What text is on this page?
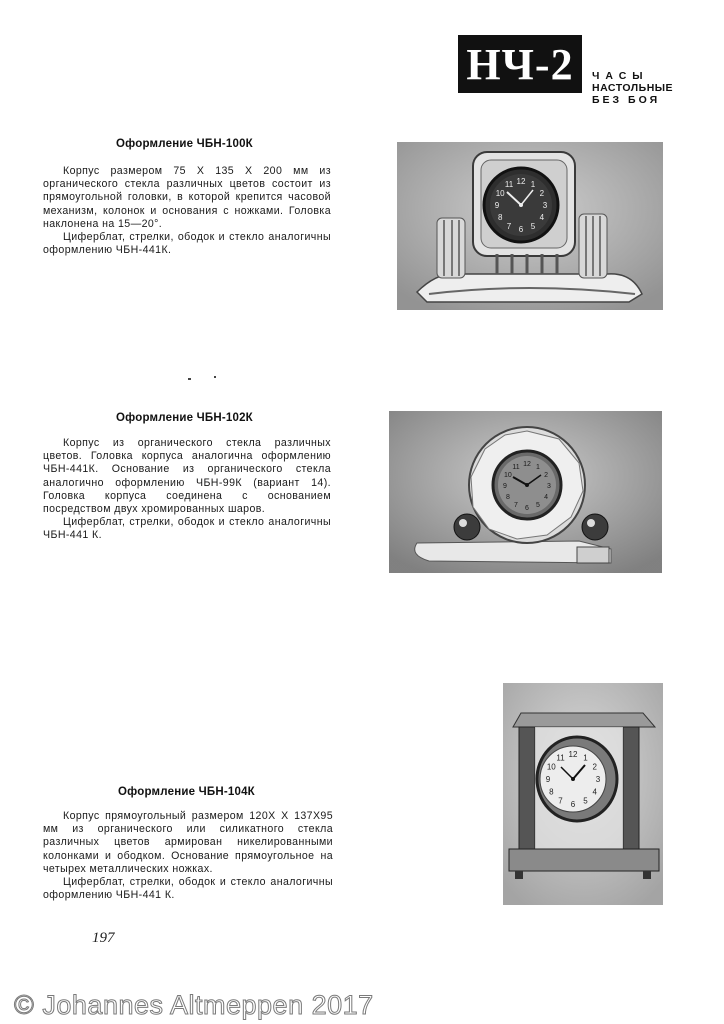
НЧ-2 ЧАСЫ
НАСТОЛЬНЫЕ
БЕЗ БОЯ
Оформление ЧБН-100К

Корпус размером 75 Х 135 Х 200 мм из органического стекла различных цветов состоит из прямоугольной головки, в которой крепится часовой механизм, колонок и основания с ножками. Головка наклонена на 15—20°.

Циферблат, стрелки, ободок и стекло аналогичны оформлению ЧБН-441К.

12 1
2
3
4
5
6
7
8
9
10
11
Оформление ЧБН-102К

Корпус из органического стекла различных цветов. Головка корпуса аналогична оформлению ЧБН-441К. Основание из органического стекла аналогично оформлению ЧБН-99К (вариант 14). Головка корпуса соединена с основанием посредством двух хромированных шаров.

Циферблат, стрелки, ободок и стекло аналогичны ЧБН-441 К.

12 1
2
3
4
5
6
7
8
9
10
11
Оформление ЧБН-104К

Корпус прямоугольный размером 120Х Х 137Х95 мм из органического или силикатного стекла различных цветов армирован никелированными колонками и ободком. Основание прямоугольное на четырех металлических ножках.

Циферблат, стрелки, ободок и стекло аналогичны оформлению ЧБН-441 К.

12 1
2
3
4
5
6
7
8
9
10
11
197
© Johannes Altmeppen 2017
